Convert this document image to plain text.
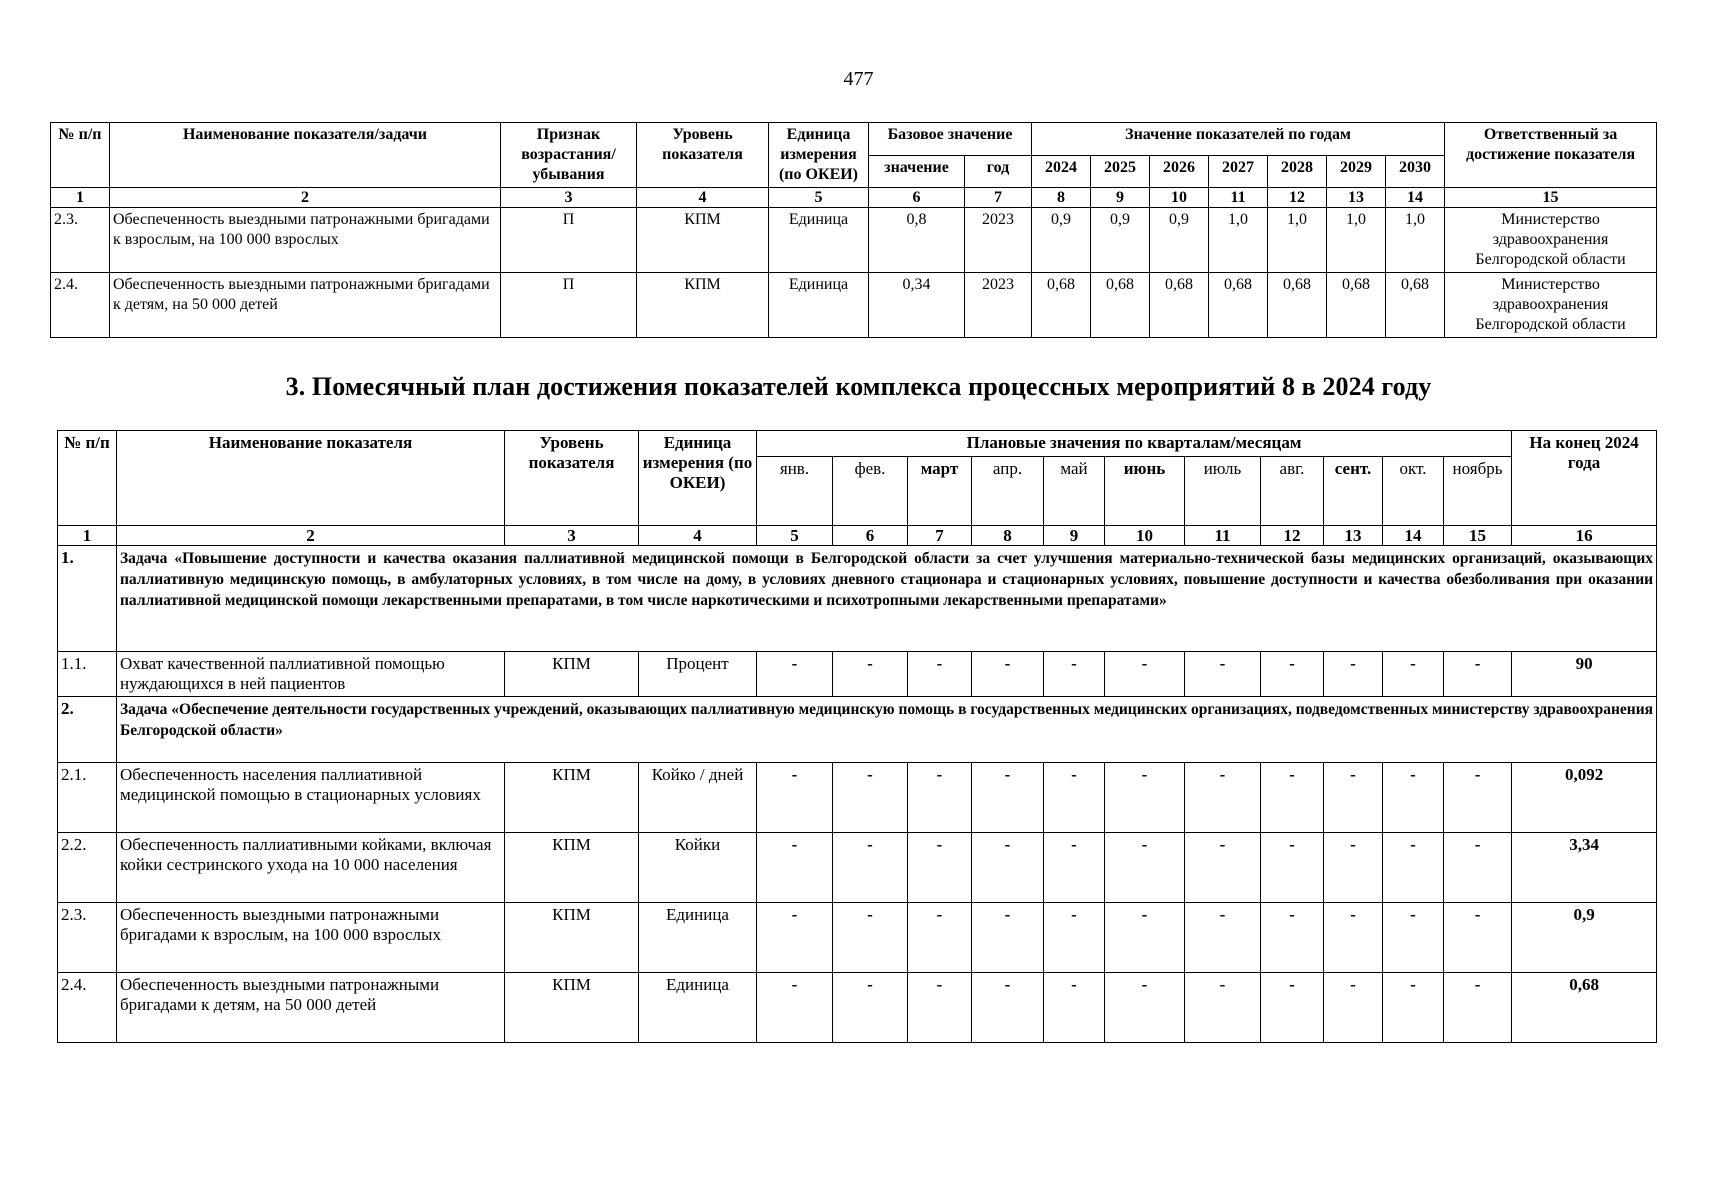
477
№ п/п	Наименование показателя/задачи	Признак возрастания/ убывания	Уровень показателя	Единица измерения (по ОКЕИ)	Базовое значение		Значение показателей по годам							Ответственный за достижение показателя
					значение	год	2024	2025	2026	2027	2028	2029	2030	
1	2	3	4	5	6	7	8	9	10	11	12	13	14	15
2.3.	Обеспеченность выездными патронажными бригадами к взрослым, на 100 000 взрослых	П	КПМ	Единица	0,8	2023	0,9	0,9	0,9	1,0	1,0	1,0	1,0	Министерство здравоохранения Белгородской области
2.4.	Обеспеченность выездными патронажными бригадами к детям, на 50 000 детей	П	КПМ	Единица	0,34	2023	0,68	0,68	0,68	0,68	0,68	0,68	0,68	Министерство здравоохранения Белгородской области
3. Помесячный план достижения показателей комплекса процессных мероприятий 8 в 2024 году
№ п/п	Наименование показателя	Уровень показателя	Единица измерения (по ОКЕИ)	Плановые значения по кварталам/месяцам											На конец 2024 года
				янв.	фев.	март	апр.	май	июнь	июль	авг.	сент.	окт.	ноябрь	
1	2	3	4	5	6	7	8	9	10	11	12	13	14	15	16
1.	Задача «Повышение доступности и качества оказания паллиативной медицинской помощи в Белгородской области за счет улучшения материально-технической базы медицинских организаций, оказывающих паллиативную медицинскую помощь, в амбулаторных условиях, в том числе на дому, в условиях дневного стационара и стационарных условиях, повышение доступности и качества обезболивания при оказании паллиативной медицинской помощи лекарственными препаратами, в том числе наркотическими и психотропными лекарственными препаратами»														
1.1.	Охват качественной паллиативной помощью нуждающихся в ней пациентов	КПМ	Процент	-	-	-	-	-	-	-	-	-	-	-	90
2.	Задача «Обеспечение деятельности государственных учреждений, оказывающих паллиативную медицинскую помощь в государственных медицинских организациях, подведомственных министерству здравоохранения Белгородской области»														
2.1.	Обеспеченность населения паллиативной медицинской помощью в стационарных условиях	КПМ	Койко / дней	-	-	-	-	-	-	-	-	-	-	-	0,092
2.2.	Обеспеченность паллиативными койками, включая койки сестринского ухода на 10 000 населения	КПМ	Койки	-	-	-	-	-	-	-	-	-	-	-	3,34
2.3.	Обеспеченность выездными патронажными бригадами к взрослым, на 100 000 взрослых	КПМ	Единица	-	-	-	-	-	-	-	-	-	-	-	0,9
2.4.	Обеспеченность выездными патронажными бригадами к детям, на 50 000 детей	КПМ	Единица	-	-	-	-	-	-	-	-	-	-	-	0,68
